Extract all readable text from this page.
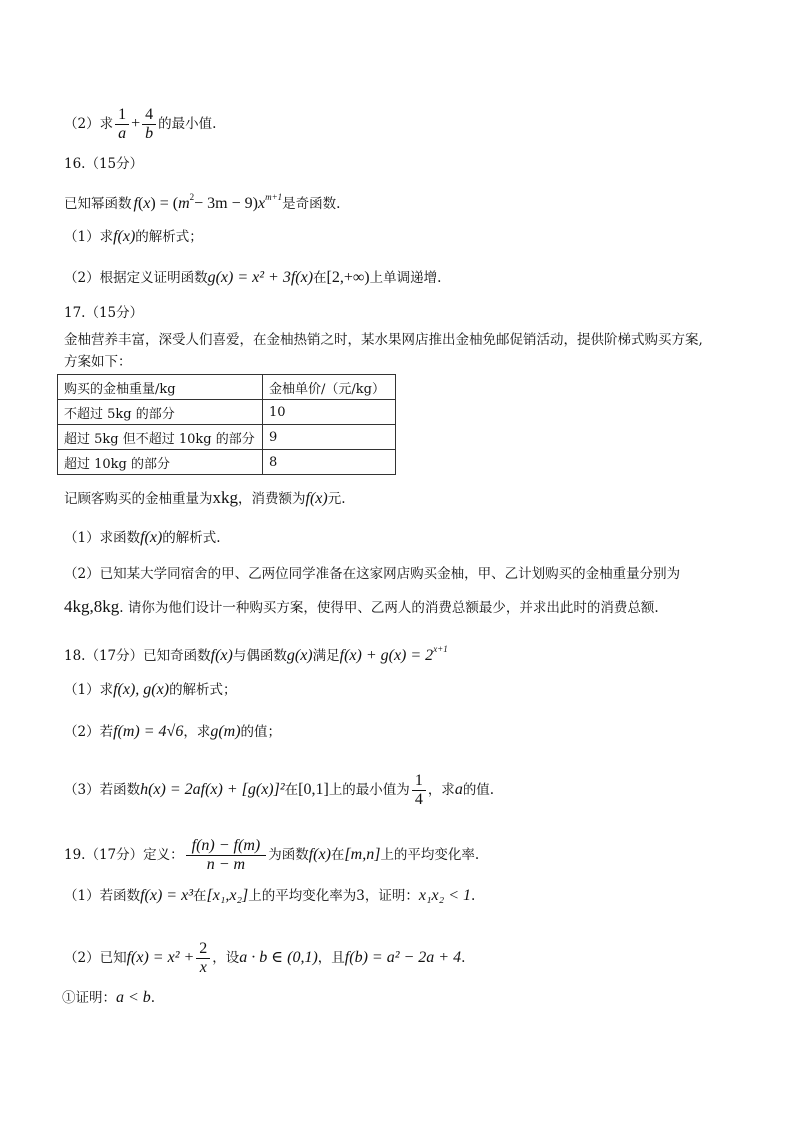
（2）求 $\frac{1}{a} + \frac{4}{b}$ 的最小值.
16.（15分）
已知幂函数 $f(x) = (m^2- 3m - 9)x^{m+1}$是奇函数.
（1）求f(x)的解析式；
（2）根据定义证明函数g(x) = x² + 3f(x)在[2,+∞)上单调递增.
17.（15分）
金柚营养丰富，深受人们喜爱，在金柚热销之时，某水果网店推出金柚免邮促销活动，提供阶梯式购买方案,
方案如下：
购买的金柚重量/kg	金柚单价/（元/kg）
不超过 5kg 的部分	10
超过 5kg 但不超过 10kg 的部分	9
超过 10kg 的部分	8
记顾客购买的金柚重量为xkg，消费额为f(x)元.
（1）求函数f(x)的解析式.
（2）已知某大学同宿舍的甲、乙两位同学准备在这家网店购买金柚，甲、乙计划购买的金柚重量分别为
4kg,8kg. 请你为他们设计一种购买方案，使得甲、乙两人的消费总额最少，并求出此时的消费总额.
18.（17分）已知奇函数f(x)与偶函数g(x)满足$f(x) + g(x) = 2^{x+1}$
（1）求f(x), g(x)的解析式；
（2）若f(m) = 4√6，求g(m)的值；
（3）若函数h(x) = 2af(x) + [g(x)]²在[0,1]上的最小值为 $\frac{1}{4}$ ，求a的值.
19.（17分）定义： $\frac{f(n) - f(m)}{n - m}$ 为函数f(x)在[m,n]上的平均变化率.
（1）若函数f(x) = x³在[x₁,x₂]上的平均变化率为3，证明：x₁x₂ < 1.
（2）已知$f(x) = x^2 + \frac{2}{x}$ ，设a · b ∈ (0,1)，且f(b) = a² − 2a + 4.
①证明：a < b.
